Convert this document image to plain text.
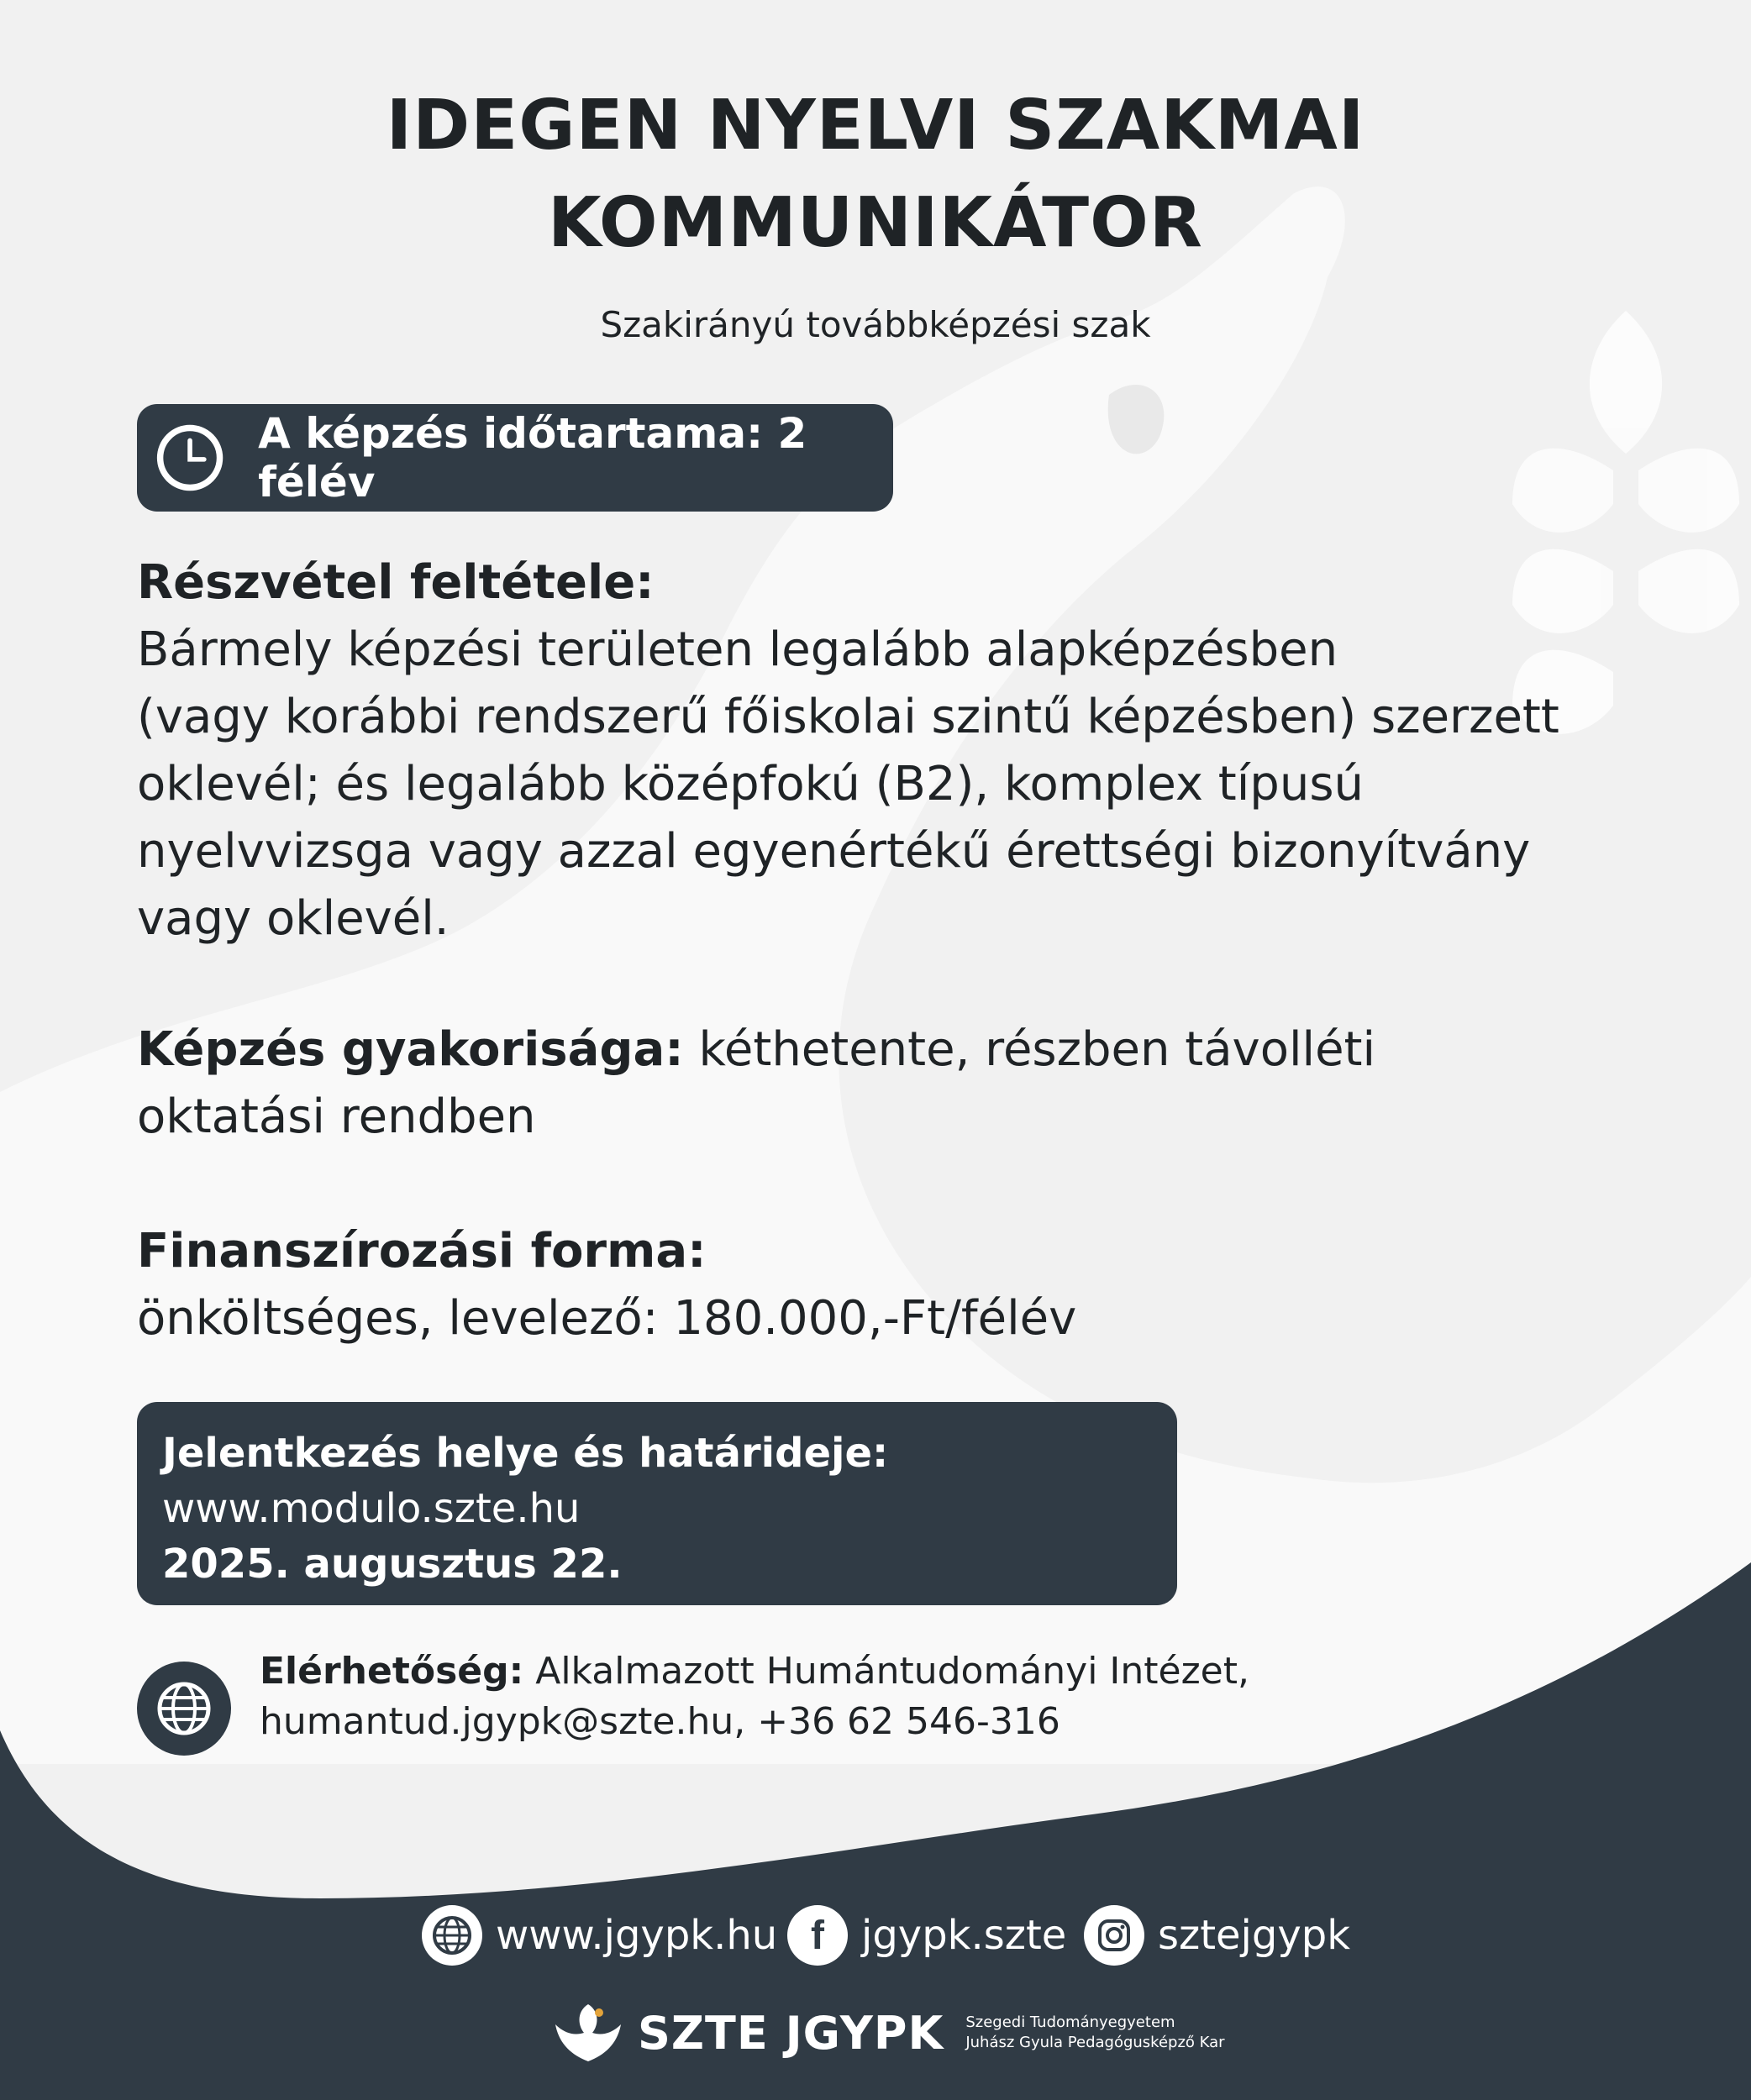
IDEGEN NYELVI SZAKMAI
KOMMUNIKÁTOR
Szakirányú továbbképzési szak
A képzés időtartama: 2 félév
Részvétel feltétele:
Bármely képzési területen legalább alapképzésben
(vagy korábbi rendszerű főiskolai szintű képzésben) szerzett
oklevél; és legalább középfokú (B2), komplex típusú
nyelvvizsga vagy azzal egyenértékű érettségi bizonyítvány
vagy oklevél.
Képzés gyakorisága: kéthetente, részben távolléti
oktatási rendben
Finanszírozási forma:
önköltséges, levelező: 180.000,-Ft/félév
Jelentkezés helye és határideje:
www.modulo.szte.hu
2025. augusztus 22.
Elérhetőség: Alkalmazott Humántudományi Intézet,
humantud.jgypk@szte.hu, +36 62 546-316
www.jgypk.hu f jgypk.szte sztejgypk
SZTE JGYPK Szegedi Tudományegyetem
Juhász Gyula Pedagógusképző Kar
